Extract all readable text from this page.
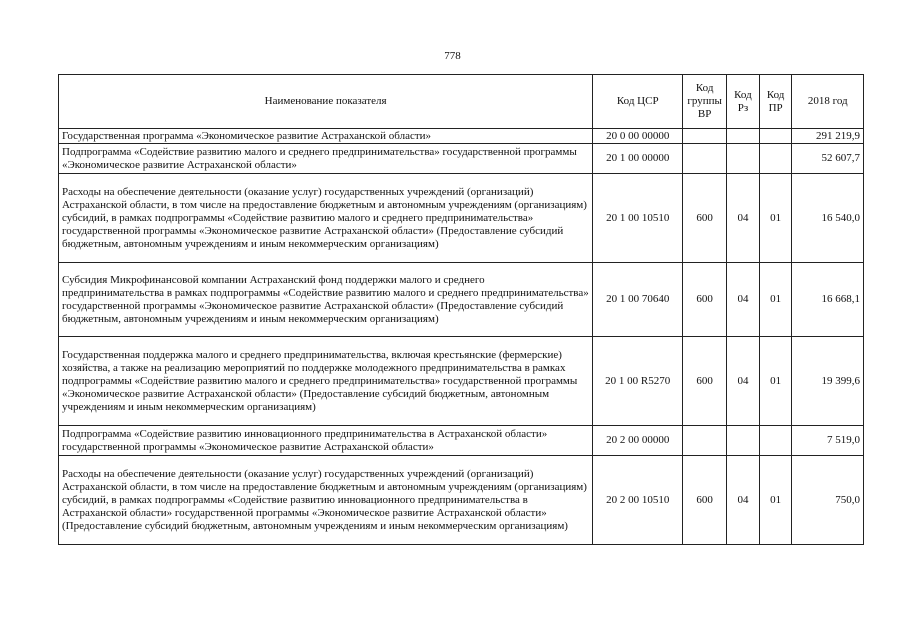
778
Наименование показателя	Код ЦСР	Код группы ВР	Код Рз	Код ПР	2018 год
Государственная программа «Экономическое развитие Астраханской области»	20 0 00 00000				291 219,9
Подпрограмма «Содействие развитию малого и среднего предпринимательства» государственной программы «Экономическое развитие Астраханской области»	20 1 00 00000				52 607,7
Расходы на обеспечение деятельности (оказание услуг) государственных учреждений (организаций) Астраханской области, в том числе на предоставление бюджетным и автономным учреждениям (организациям) субсидий, в рамках подпрограммы «Содействие развитию малого и среднего предпринимательства» государственной программы «Экономическое развитие Астраханской области» (Предоставление субсидий бюджетным, автономным учреждениям и иным некоммерческим организациям)	20 1 00 10510	600	04	01	16 540,0
Субсидия Микрофинансовой компании Астраханский фонд поддержки малого и среднего предпринимательства в рамках подпрограммы «Содействие развитию малого и среднего предпринимательства» государственной программы «Экономическое развитие Астраханской области» (Предоставление субсидий бюджетным, автономным учреждениям и иным некоммерческим организациям)	20 1 00 70640	600	04	01	16 668,1
Государственная поддержка малого и среднего предпринимательства, включая крестьянские (фермерские) хозяйства, а также на реализацию мероприятий по поддержке молодежного предпринимательства в рамках подпрограммы «Содействие развитию малого и среднего предпринимательства» государственной программы «Экономическое развитие Астраханской области» (Предоставление субсидий бюджетным, автономным учреждениям и иным некоммерческим организациям)	20 1 00 R5270	600	04	01	19 399,6
Подпрограмма «Содействие развитию инновационного предпринимательства в Астраханской области» государственной программы «Экономическое развитие Астраханской области»	20 2 00 00000				7 519,0
Расходы на обеспечение деятельности (оказание услуг) государственных учреждений (организаций) Астраханской области, в том числе на предоставление бюджетным и автономным учреждениям (организациям) субсидий, в рамках подпрограммы «Содействие развитию инновационного предпринимательства в Астраханской области» государственной программы «Экономическое развитие Астраханской области» (Предоставление субсидий бюджетным, автономным учреждениям и иным некоммерческим организациям)	20 2 00 10510	600	04	01	750,0
